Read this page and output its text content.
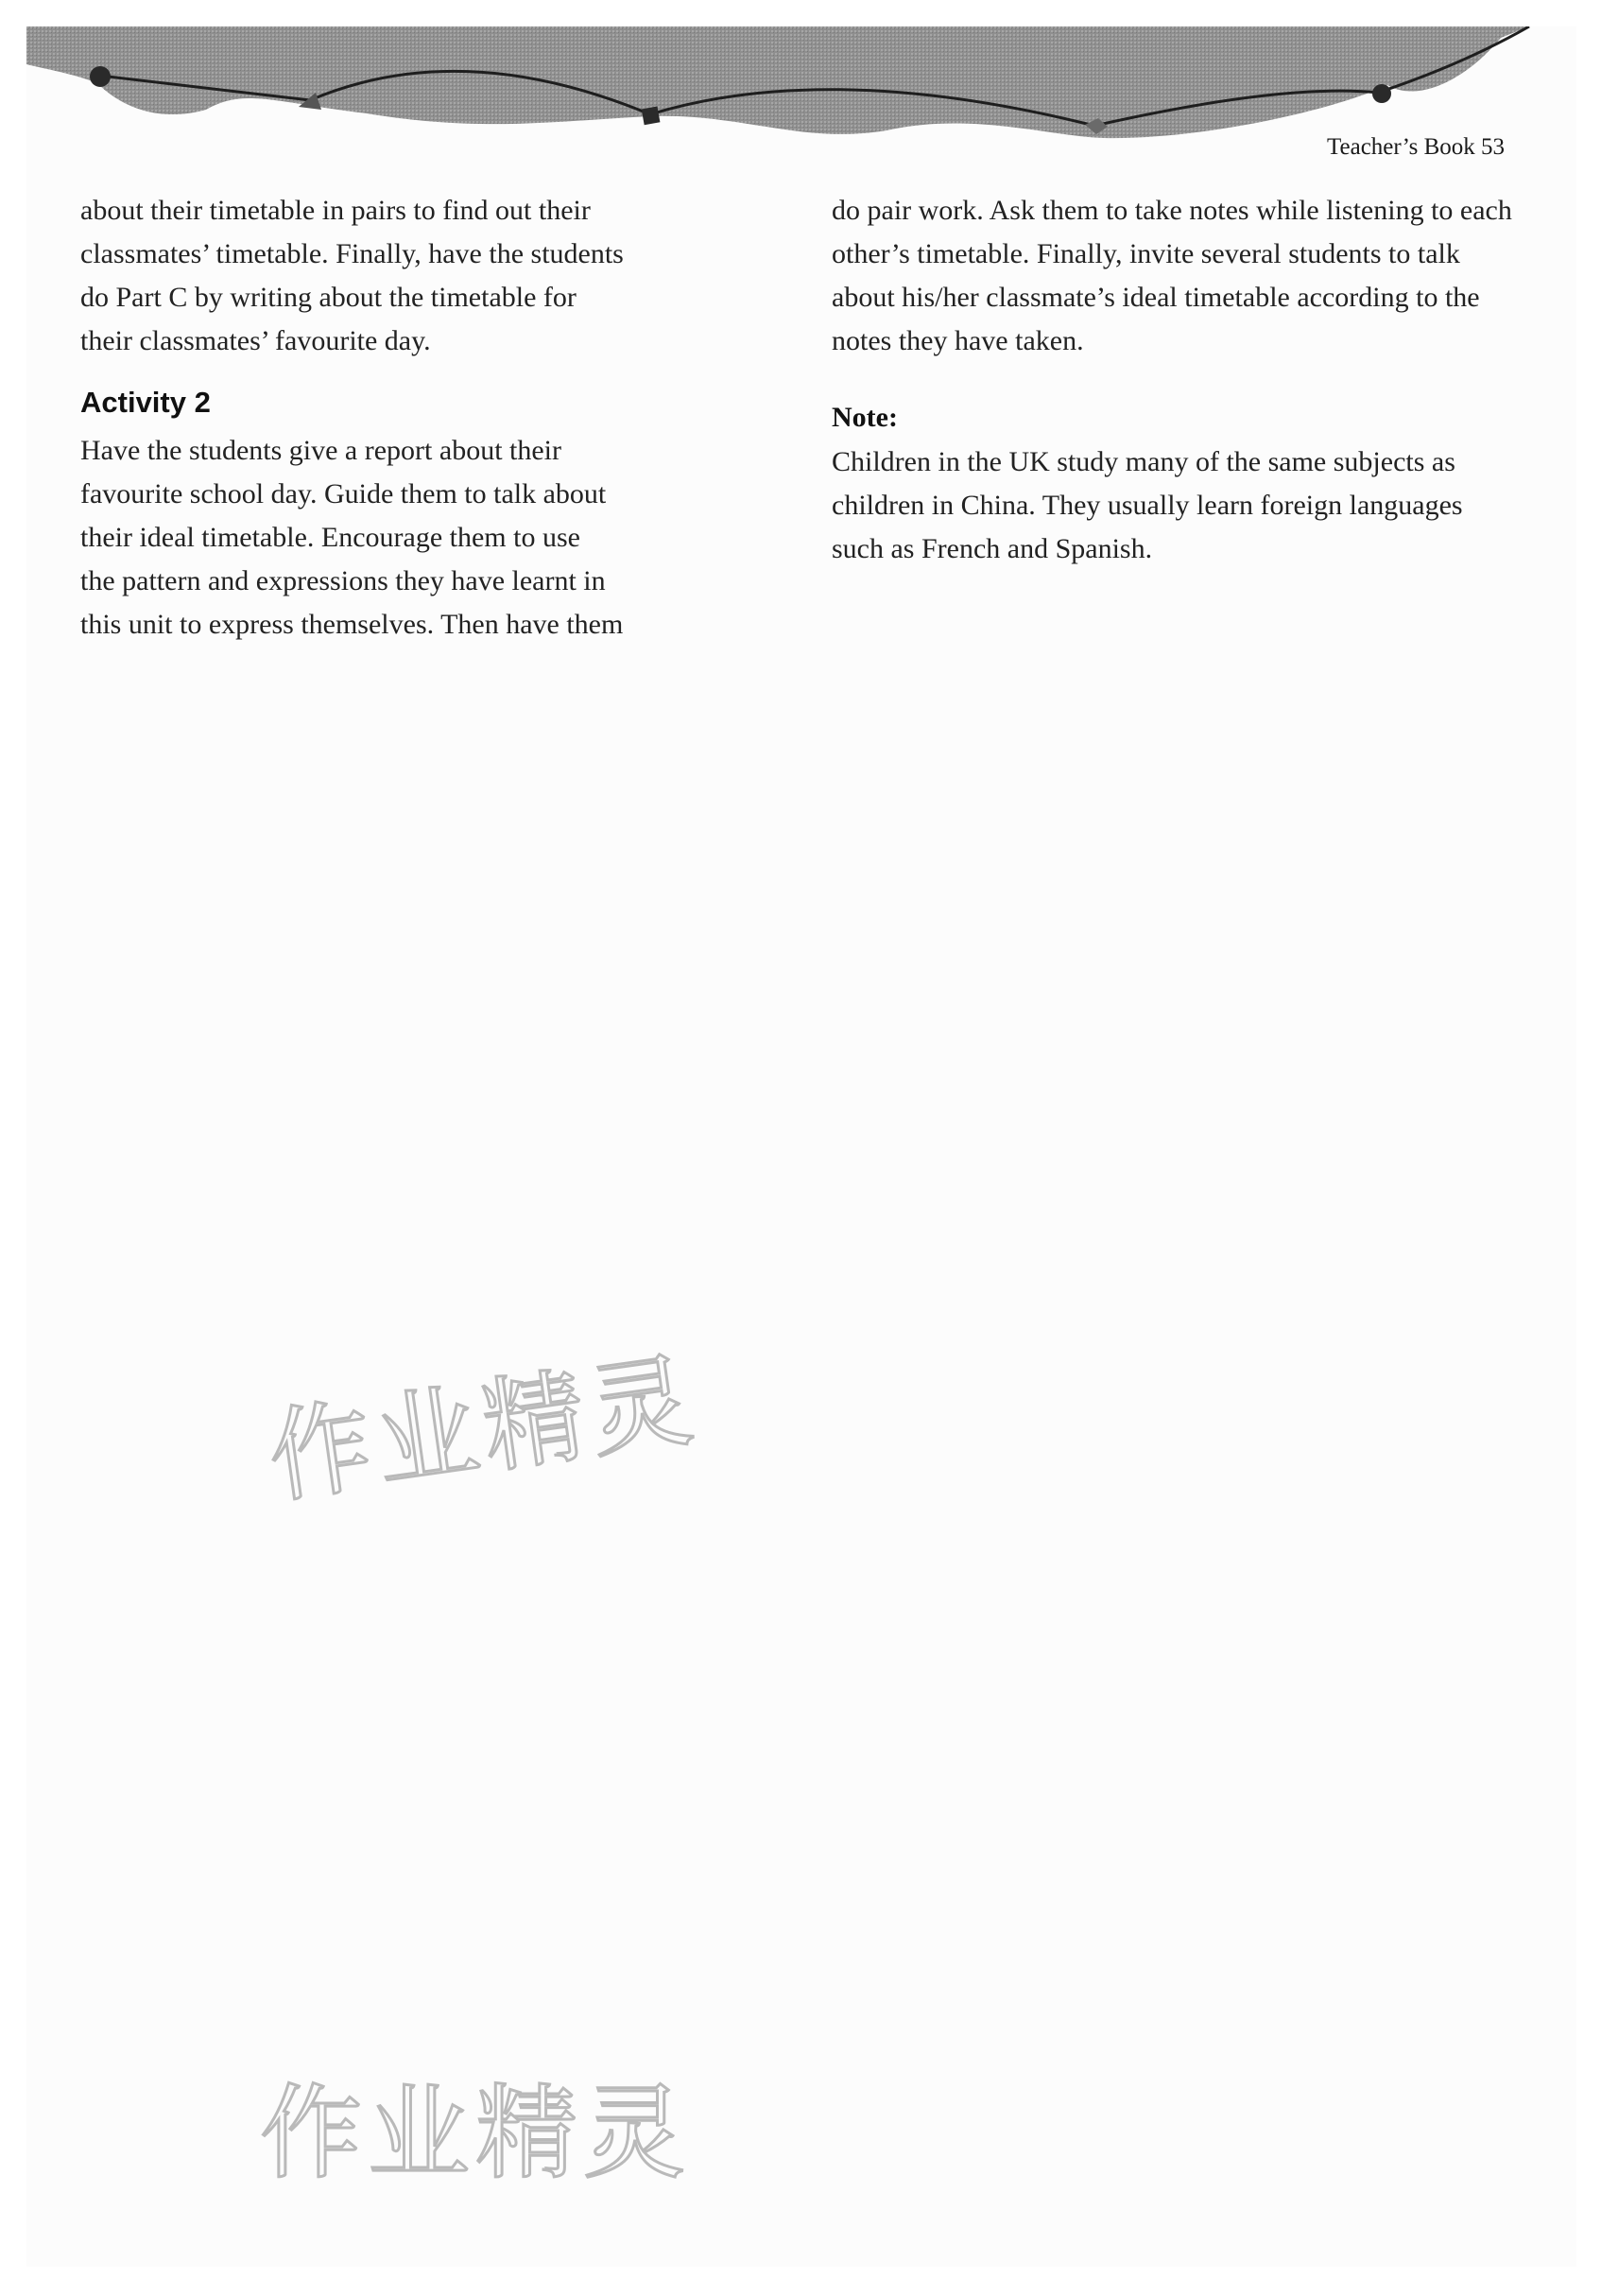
Teacher’s Book 53

about their timetable in pairs to find out their

classmates’ timetable. Finally, have the students

do Part C by writing about the timetable for

their classmates’ favourite day.

Activity 2

Have the students give a report about their

favourite school day. Guide them to talk about

their ideal timetable. Encourage them to use

the pattern and expressions they have learnt in

this unit to express themselves. Then have them

do pair work. Ask them to take notes while listening to each other’s timetable. Finally, invite several students to talk about his/her classmate’s ideal timetable according to the notes they have taken.

Note:

Children in the UK study many of the same subjects as children in China. They usually learn foreign languages such as French and Spanish.

作业精灵
作业精灵
